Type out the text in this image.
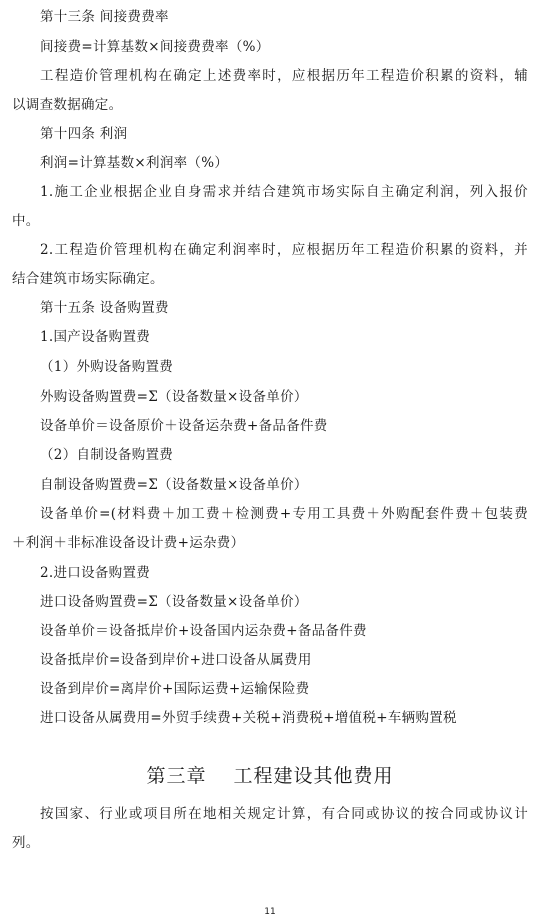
第十三条 间接费费率
间接费=计算基数×间接费费率（%）
工程造价管理机构在确定上述费率时，应根据历年工程造价积累的资料，辅
以调查数据确定。
第十四条 利润
利润=计算基数×利润率（%）
1.施工企业根据企业自身需求并结合建筑市场实际自主确定利润，列入报价
中。
2.工程造价管理机构在确定利润率时，应根据历年工程造价积累的资料，并
结合建筑市场实际确定。
第十五条 设备购置费
1.国产设备购置费
（1）外购设备购置费
外购设备购置费=Σ（设备数量×设备单价）
设备单价＝设备原价＋设备运杂费+备品备件费
（2）自制设备购置费
自制设备购置费=Σ（设备数量×设备单价）
设备单价=(材料费＋加工费＋检测费+专用工具费＋外购配套件费＋包装费
＋利润＋非标准设备设计费+运杂费）
2.进口设备购置费
进口设备购置费=Σ（设备数量×设备单价）
设备单价＝设备抵岸价+设备国内运杂费+备品备件费
设备抵岸价=设备到岸价+进口设备从属费用
设备到岸价=离岸价+国际运费+运输保险费
进口设备从属费用=外贸手续费+关税+消费税+增值税+车辆购置税
第三章　 工程建设其他费用
按国家、行业或项目所在地相关规定计算，有合同或协议的按合同或协议计
列。
11
